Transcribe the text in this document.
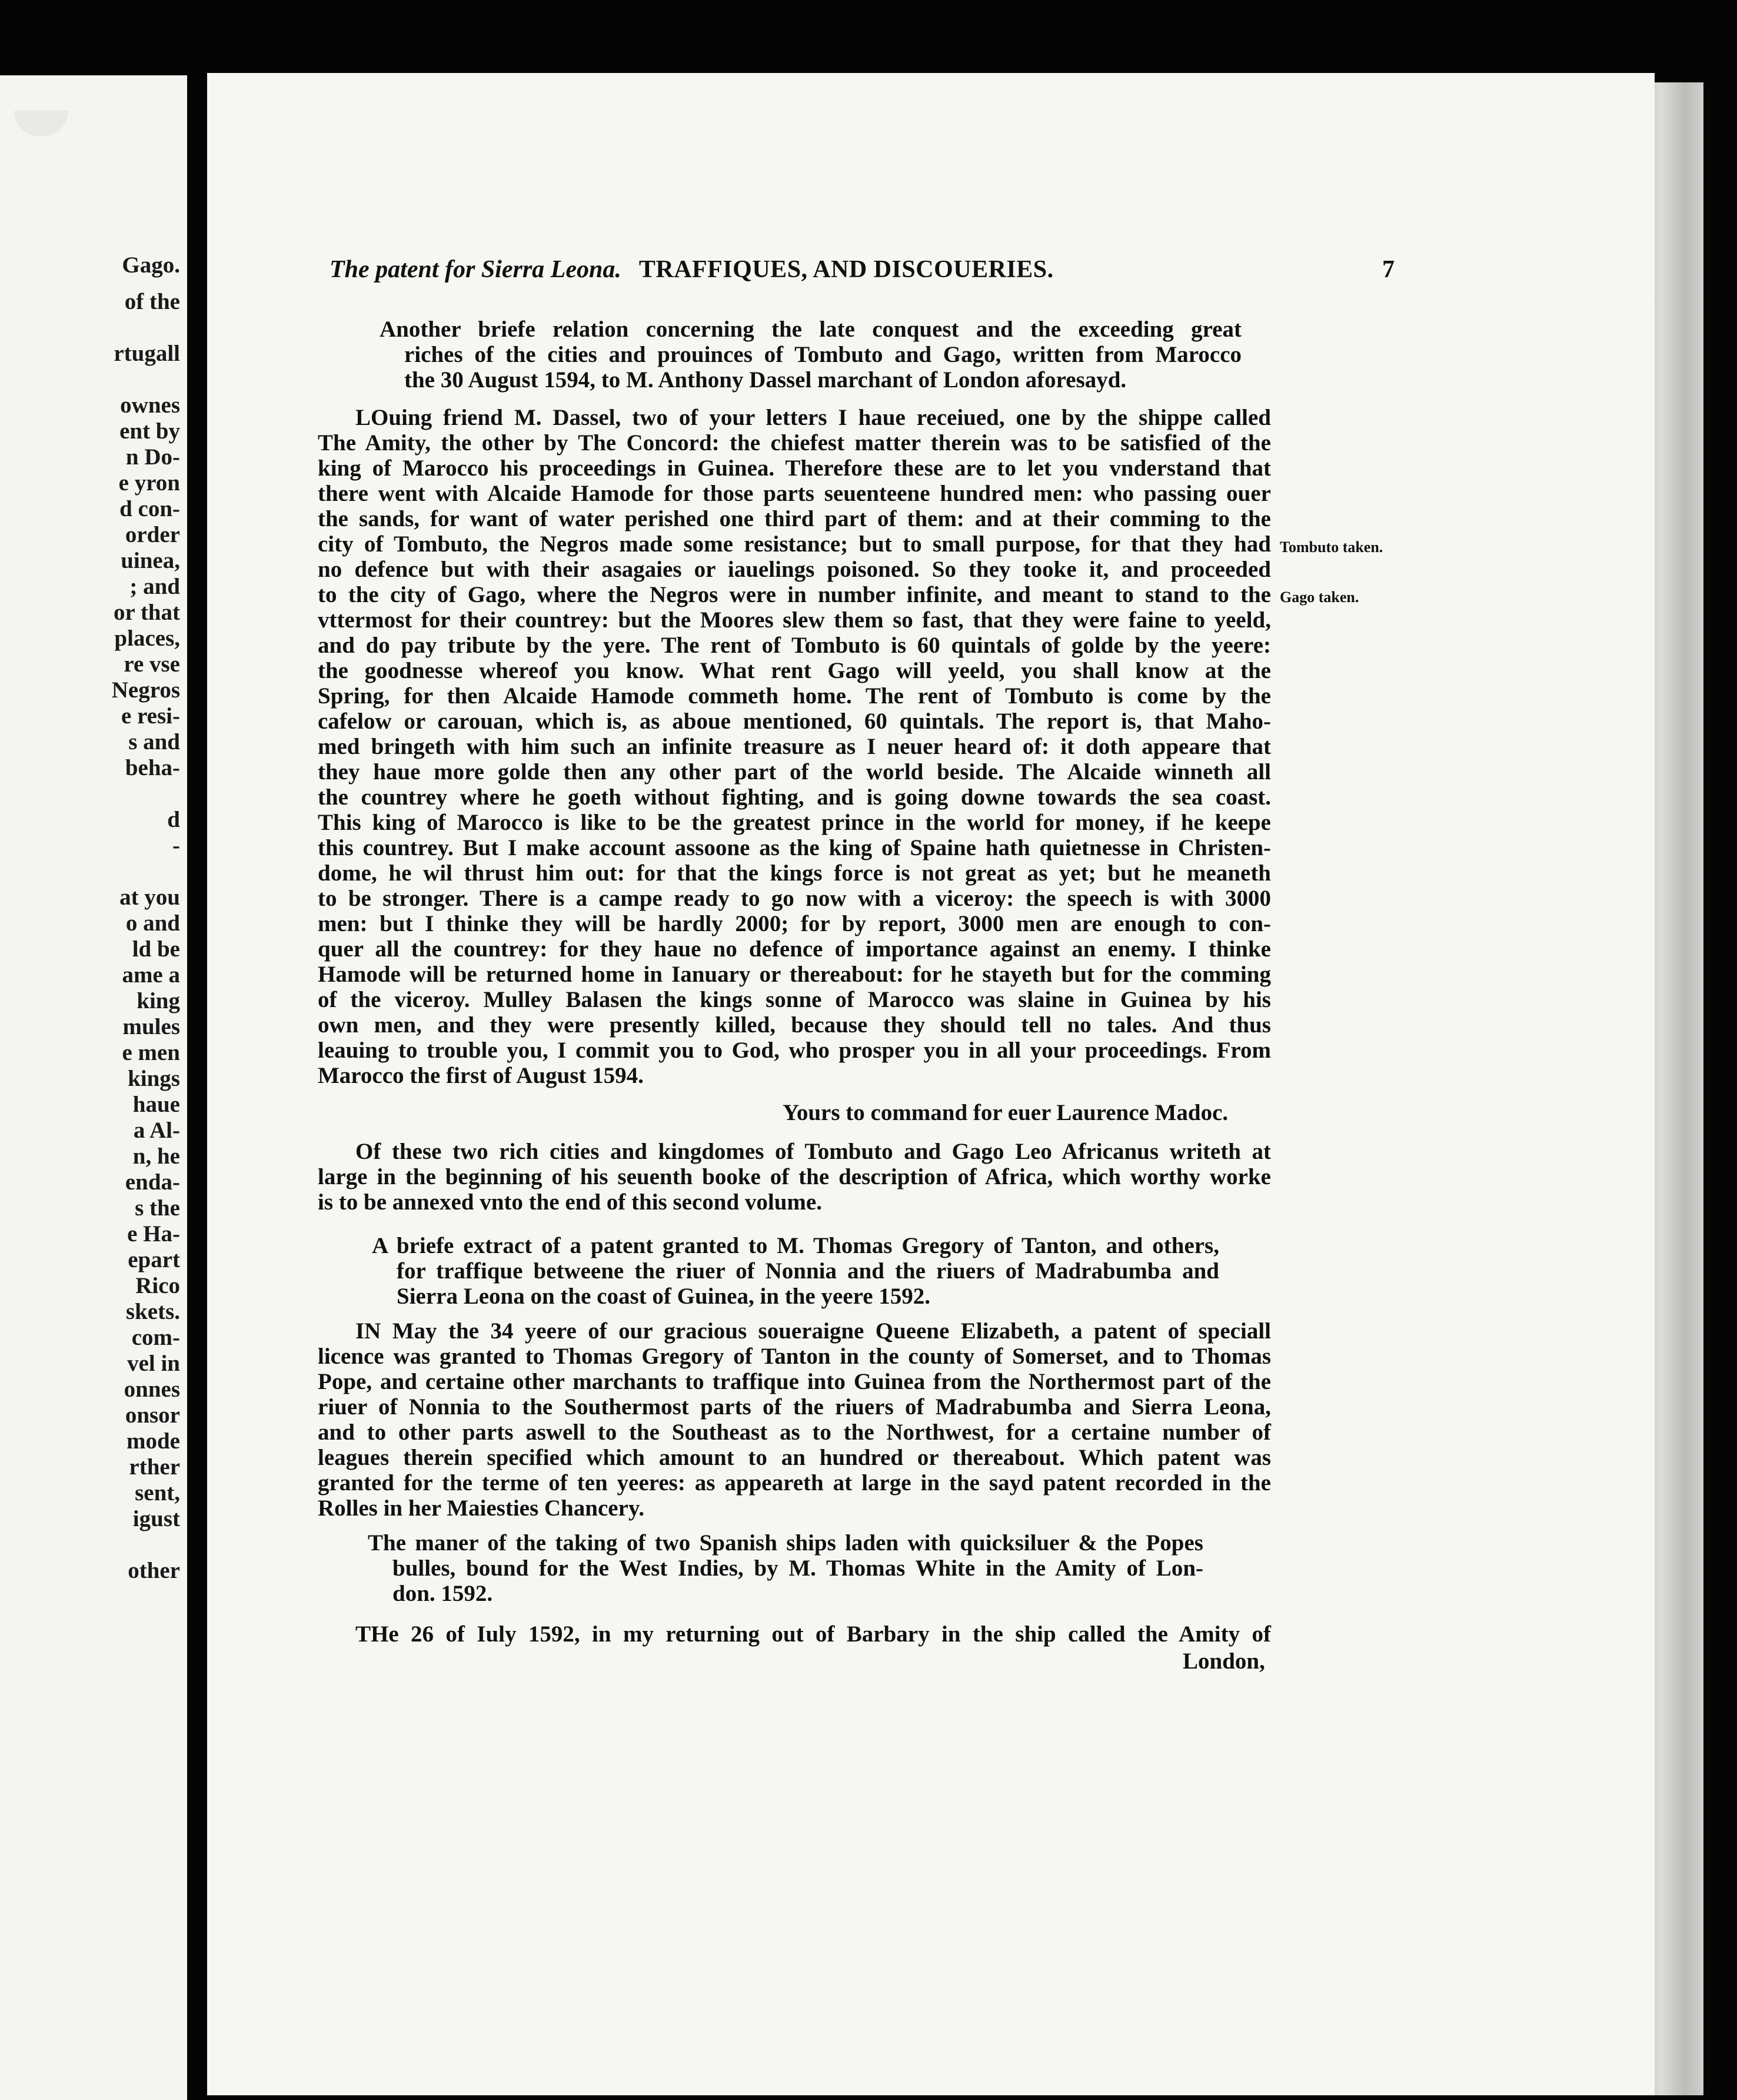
Gago.
of the
rtugall
ownes
ent by
n Do-
e yron
d con-
order
uinea,
; and
or that
places,
re vse
Negros
e resi-
s and
beha-
d
-
at you
o and
ld be
ame a
king
mules
e men
kings
haue
a Al-
n, he
enda-
s the
e Ha-
epart
Rico
skets.
com-
vel in
onnes
onsor
mode
rther
sent,
igust
other
The patent for Sierra Leona. TRAFFIQUES, AND DISCOUERIES.	7
Another briefe relation concerning the late conquest and the exceeding great
riches of the cities and prouinces of Tombuto and Gago, written from Marocco
the 30 August 1594, to M. Anthony Dassel marchant of London aforesayd.
LOuing friend M. Dassel, two of your letters I haue receiued, one by the shippe called
The Amity, the other by The Concord: the chiefest matter therein was to be satisfied of the
king of Marocco his proceedings in Guinea. Therefore these are to let you vnderstand that
there went with Alcaide Hamode for those parts seuenteene hundred men: who passing ouer
the sands, for want of water perished one third part of them: and at their comming to the
city of Tombuto, the Negros made some resistance; but to small purpose, for that they had
no defence but with their asagaies or iauelings poisoned. So they tooke it, and proceeded
to the city of Gago, where the Negros were in number infinite, and meant to stand to the
vttermost for their countrey: but the Moores slew them so fast, that they were faine to yeeld,
and do pay tribute by the yere. The rent of Tombuto is 60 quintals of golde by the yeere:
the goodnesse whereof you know. What rent Gago will yeeld, you shall know at the
Spring, for then Alcaide Hamode commeth home. The rent of Tombuto is come by the
cafelow or carouan, which is, as aboue mentioned, 60 quintals. The report is, that Maho-
med bringeth with him such an infinite treasure as I neuer heard of: it doth appeare that
they haue more golde then any other part of the world beside. The Alcaide winneth all
the countrey where he goeth without fighting, and is going downe towards the sea coast.
This king of Marocco is like to be the greatest prince in the world for money, if he keepe
this countrey. But I make account assoone as the king of Spaine hath quietnesse in Christen-
dome, he wil thrust him out: for that the kings force is not great as yet; but he meaneth
to be stronger. There is a campe ready to go now with a viceroy: the speech is with 3000
men: but I thinke they will be hardly 2000; for by report, 3000 men are enough to con-
quer all the countrey: for they haue no defence of importance against an enemy. I thinke
Hamode will be returned home in Ianuary or thereabout: for he stayeth but for the comming
of the viceroy. Mulley Balasen the kings sonne of Marocco was slaine in Guinea by his
own men, and they were presently killed, because they should tell no tales. And thus
leauing to trouble you, I commit you to God, who prosper you in all your proceedings. From
Marocco the first of August 1594.
Yours to command for euer Laurence Madoc.
Tombuto taken.
Gago taken.
Of these two rich cities and kingdomes of Tombuto and Gago Leo Africanus writeth at
large in the beginning of his seuenth booke of the description of Africa, which worthy worke
is to be annexed vnto the end of this second volume.
A briefe extract of a patent granted to M. Thomas Gregory of Tanton, and others,
for traffique betweene the riuer of Nonnia and the riuers of Madrabumba and
Sierra Leona on the coast of Guinea, in the yeere 1592.
IN May the 34 yeere of our gracious soueraigne Queene Elizabeth, a patent of speciall
licence was granted to Thomas Gregory of Tanton in the county of Somerset, and to Thomas
Pope, and certaine other marchants to traffique into Guinea from the Northermost part of the
riuer of Nonnia to the Southermost parts of the riuers of Madrabumba and Sierra Leona,
and to other parts aswell to the Southeast as to the Northwest, for a certaine number of
leagues therein specified which amount to an hundred or thereabout. Which patent was
granted for the terme of ten yeeres: as appeareth at large in the sayd patent recorded in the
Rolles in her Maiesties Chancery.
The maner of the taking of two Spanish ships laden with quicksiluer & the Popes
bulles, bound for the West Indies, by M. Thomas White in the Amity of Lon-
don. 1592.
THe 26 of Iuly 1592, in my returning out of Barbary in the ship called the Amity of
London,
